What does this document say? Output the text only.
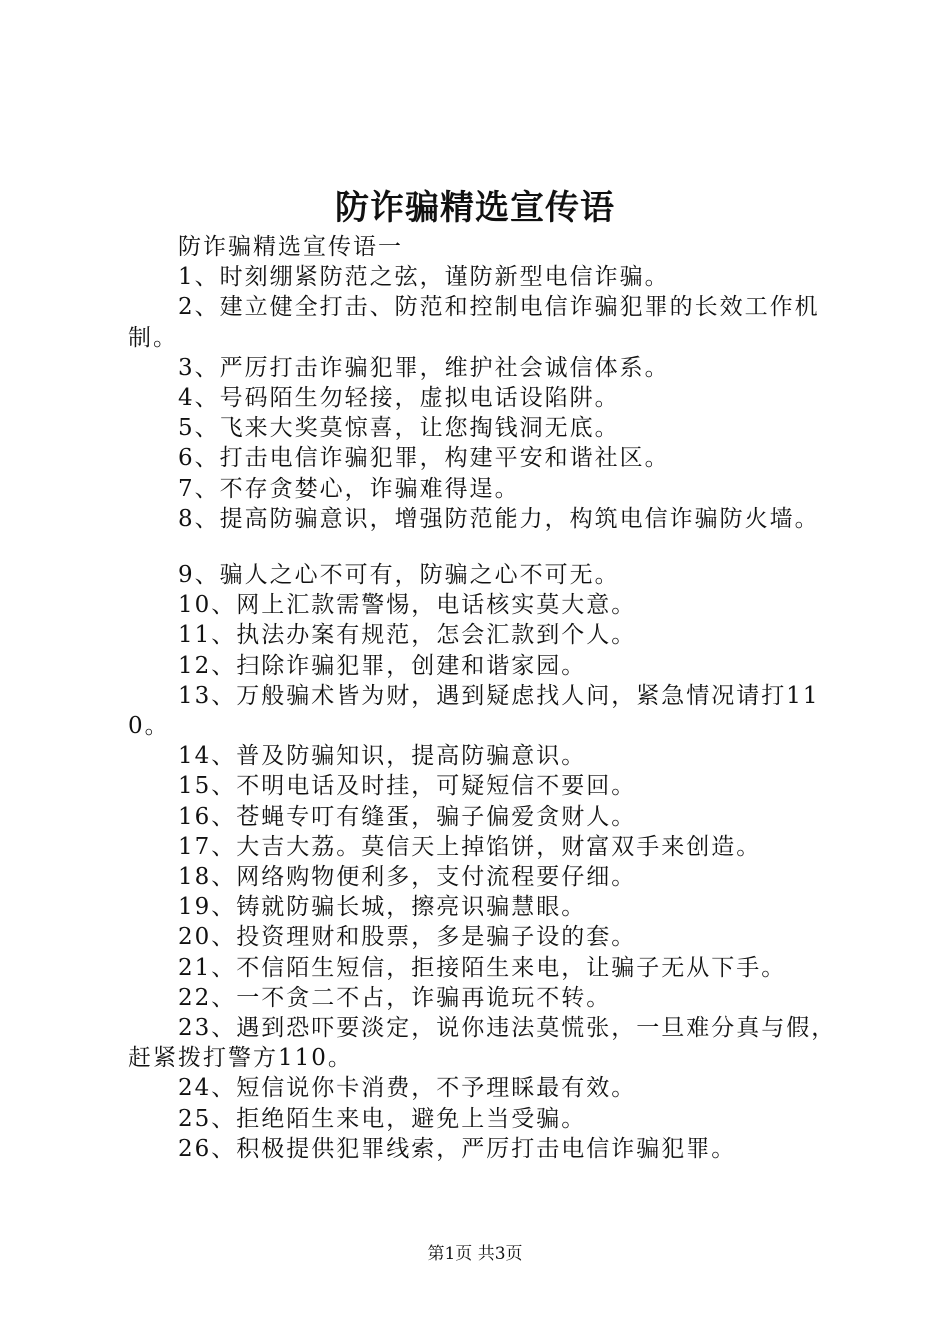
防诈骗精选宣传语

防诈骗精选宣传语一

1、时刻绷紧防范之弦，谨防新型电信诈骗。

2、建立健全打击、防范和控制电信诈骗犯罪的长效工作机制。

3、严厉打击诈骗犯罪，维护社会诚信体系。

4、号码陌生勿轻接，虚拟电话设陷阱。

5、飞来大奖莫惊喜，让您掏钱洞无底。

6、打击电信诈骗犯罪，构建平安和谐社区。

7、不存贪婪心，诈骗难得逞。

8、提高防骗意识，增强防范能力，构筑电信诈骗防火墙。

9、骗人之心不可有，防骗之心不可无。

10、网上汇款需警惕，电话核实莫大意。

11、执法办案有规范，怎会汇款到个人。

12、扫除诈骗犯罪，创建和谐家园。

13、万般骗术皆为财，遇到疑虑找人问，紧急情况请打110。

14、普及防骗知识，提高防骗意识。

15、不明电话及时挂，可疑短信不要回。

16、苍蝇专叮有缝蛋，骗子偏爱贪财人。

17、大吉大荔。莫信天上掉馅饼，财富双手来创造。

18、网络购物便利多，支付流程要仔细。

19、铸就防骗长城，擦亮识骗慧眼。

20、投资理财和股票，多是骗子设的套。

21、不信陌生短信，拒接陌生来电，让骗子无从下手。

22、一不贪二不占，诈骗再诡玩不转。

23、遇到恐吓要淡定，说你违法莫慌张，一旦难分真与假，赶紧拨打警方110。

24、短信说你卡消费，不予理睬最有效。

25、拒绝陌生来电，避免上当受骗。

26、积极提供犯罪线索，严厉打击电信诈骗犯罪。

第1页 共3页
